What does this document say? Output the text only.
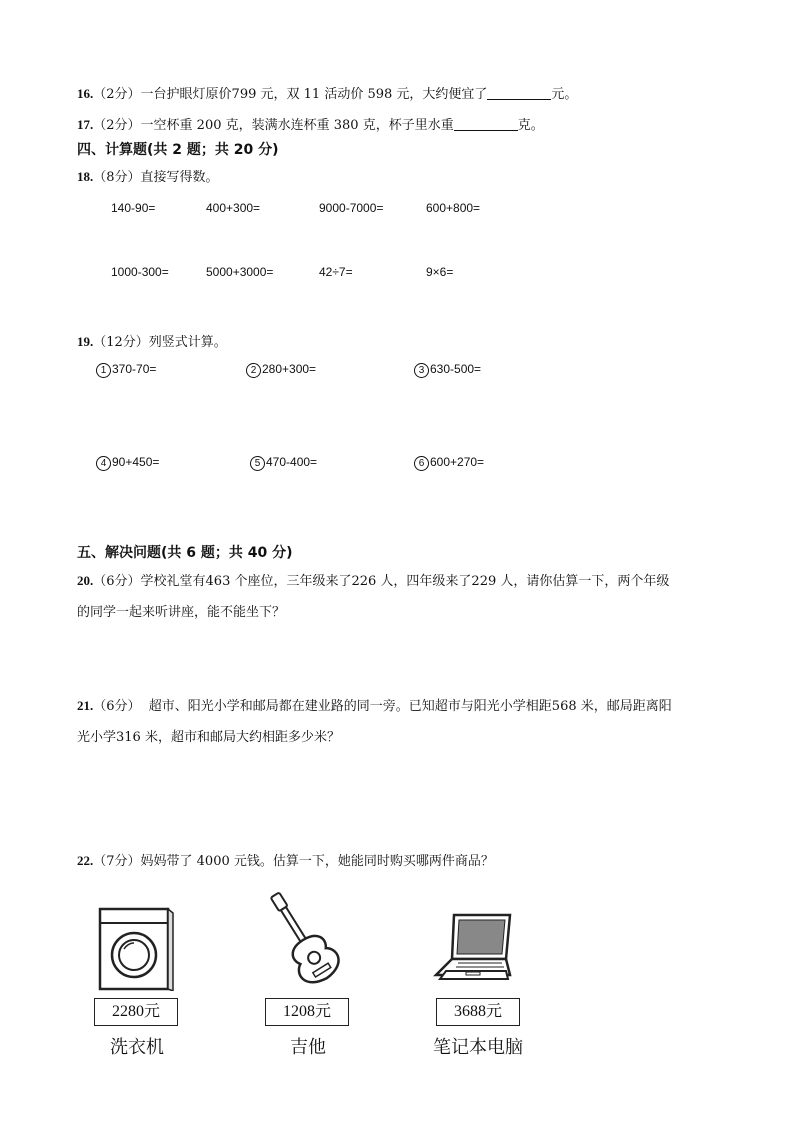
16.（2分）一台护眼灯原价799 元，双 11 活动价 598 元，大约便宜了	元。
17.（2分）一空杯重 200 克，装满水连杯重 380 克，杯子里水重	克。
四、计算题(共 2 题；共 20 分)
18.（8分）直接写得数。
140-90=	400+300=	9000-7000=	600+800=
1000-300=	5000+3000=	42÷7=	9×6=
19.（12分）列竖式计算。
1 370-70=	2 280+300=	3 630-500=
4 90+450=	5 470-400=	6 600+270=
五、解决问题(共 6 题；共 40 分)
20.（6分）学校礼堂有463 个座位，三年级来了226 人，四年级来了229 人，请你估算一下，两个年级
的同学一起来听讲座，能不能坐下？
21.（6分）  超市、阳光小学和邮局都在建业路的同一旁。已知超市与阳光小学相距568 米，邮局距离阳
光小学316 米，超市和邮局大约相距多少米？
22.（7分）妈妈带了 4000 元钱。估算一下，她能同时购买哪两件商品？
2280元	1208元	3688元
洗衣机	吉他	笔记本电脑
